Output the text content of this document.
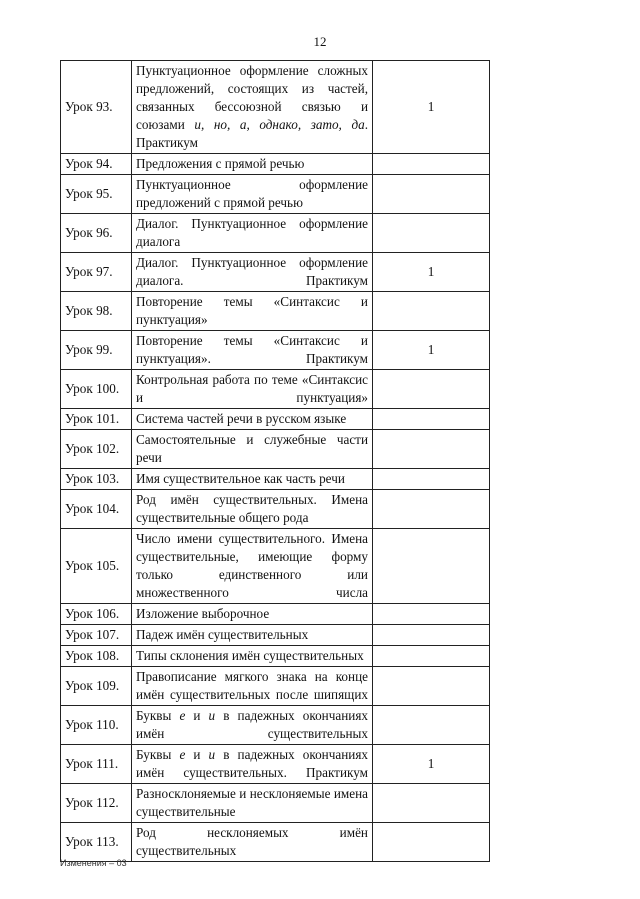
12
Урок 93.	Пунктуационное оформление сложных предложений, состоящих из частей, связанных бессоюзной связью и союзами и, но, а, однако, зато, да. Практикум	1
Урок 94.	Предложения с прямой речью	
Урок 95.	Пунктуационное оформление предложений с прямой речью	
Урок 96.	Диалог. Пунктуационное оформление диалога	
Урок 97.	Диалог. Пунктуационное оформление диалога. Практикум	1
Урок 98.	Повторение темы «Синтаксис и пунктуация»	
Урок 99.	Повторение темы «Синтаксис и пунктуация». Практикум	1
Урок 100.	Контрольная работа по теме «Синтаксис и пунктуация»	
Урок 101.	Система частей речи в русском языке	
Урок 102.	Самостоятельные и служебные части речи	
Урок 103.	Имя существительное как часть речи	
Урок 104.	Род имён существительных. Имена существительные общего рода	
Урок 105.	Число имени существительного. Имена существительные, имеющие форму только единственного или множественного числа	
Урок 106.	Изложение выборочное	
Урок 107.	Падеж имён существительных	
Урок 108.	Типы склонения имён существительных	
Урок 109.	Правописание мягкого знака на конце имён существительных после шипящих	
Урок 110.	Буквы е и и в падежных окончаниях имён существительных	
Урок 111.	Буквы е и и в падежных окончаниях имён существительных. Практикум	1
Урок 112.	Разносклоняемые и несклоняемые имена существительные	
Урок 113.	Род несклоняемых имён существительных	
Изменения – 03
